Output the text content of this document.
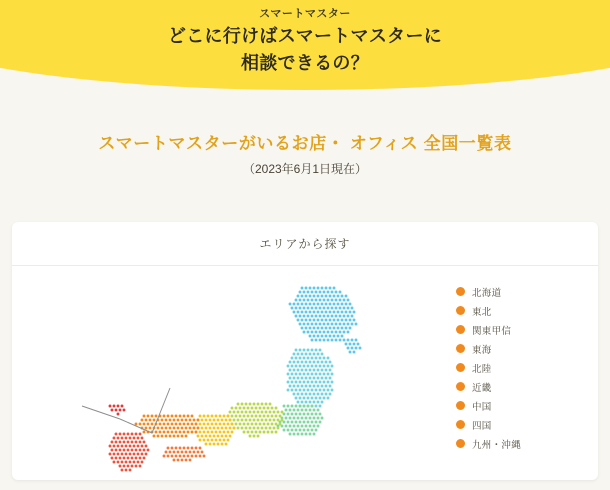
スマートマスター
どこに行けばスマートマスターに
相談できるの？
スマートマスターがいるお店・ オフィス 全国一覧表
（2023年6月1日現在）
エリアから探す
北海道
東北
関東甲信
東海
北陸
近畿
中国
四国
九州・沖縄
